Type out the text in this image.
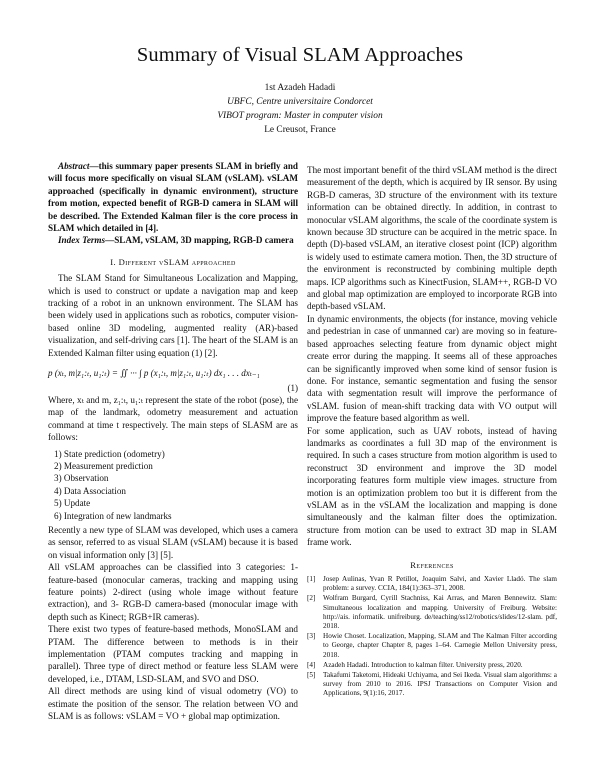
Summary of Visual SLAM Approaches
1st Azadeh Hadadi
UBFC, Centre universitaire Condorcet
VIBOT program: Master in computer vision
Le Creusot, France

Abstract—this summary paper presents SLAM in briefly and will focus more specifically on visual SLAM (vSLAM). vSLAM approached (specifically in dynamic environment), structure from motion, expected benefit of RGB-D camera in SLAM will be described. The Extended Kalman filer is the core process in SLAM which detailed in [4].

Index Terms—SLAM, vSLAM, 3D mapping, RGB-D camera

I. Different vSLAM approached

The SLAM Stand for Simultaneous Localization and Mapping, which is used to construct or update a navigation map and keep tracking of a robot in an unknown environment. The SLAM has been widely used in applications such as robotics, computer vision-based online 3D modeling, augmented reality (AR)-based visualization, and self-driving cars [1]. The heart of the SLAM is an Extended Kalman filter using equation (1) [2].

p (xₜ, m|z₁:ₜ, u₁:ₜ) = ∬ ··· ∫ p (x₁:ₜ, m|z₁:ₜ, u₁:ₜ) dx₁ . . . dxₜ₋₁
(1)

Where, xₜ and m, z₁:ₜ, u₁:ₜ represent the state of the robot (pose), the map of the landmark, odometry measurement and actuation command at time t respectively. The main steps of SLASM are as follows:

1) State prediction (odometry)
2) Measurement prediction
3) Observation
4) Data Association
5) Update
6) Integration of new landmarks

Recently a new type of SLAM was developed, which uses a camera as sensor, referred to as visual SLAM (vSLAM) because it is based on visual information only [3] [5].

All vSLAM approaches can be classified into 3 categories: 1- feature-based (monocular cameras, tracking and mapping using feature points) 2-direct (using whole image without feature extraction), and 3- RGB-D camera-based (monocular image with depth such as Kinect; RGB+IR cameras).

There exist two types of feature-based methods, MonoSLAM and PTAM. The difference between to methods is in their implementation (PTAM computes tracking and mapping in parallel). Three type of direct method or feature less SLAM were developed, i.e., DTAM, LSD-SLAM, and SVO and DSO.

All direct methods are using kind of visual odometry (VO) to estimate the position of the sensor. The relation between VO and SLAM is as follows: vSLAM = VO + global map optimization.

The most important benefit of the third vSLAM method is the direct measurement of the depth, which is acquired by IR sensor. By using RGB-D cameras, 3D structure of the environment with its texture information can be obtained directly. In addition, in contrast to monocular vSLAM algorithms, the scale of the coordinate system is known because 3D structure can be acquired in the metric space. In depth (D)-based vSLAM, an iterative closest point (ICP) algorithm is widely used to estimate camera motion. Then, the 3D structure of the environment is reconstructed by combining multiple depth maps. ICP algorithms such as KinectFusion, SLAM++, RGB-D VO and global map optimization are employed to incorporate RGB into depth-based vSLAM.

In dynamic environments, the objects (for instance, moving vehicle and pedestrian in case of unmanned car) are moving so in feature-based approaches selecting feature from dynamic object might create error during the mapping. It seems all of these approaches can be significantly improved when some kind of sensor fusion is done. For instance, semantic segmentation and fusing the sensor data with segmentation result will improve the performance of vSLAM. fusion of mean-shift tracking data with VO output will improve the feature based algorithm as well.

For some application, such as UAV robots, instead of having landmarks as coordinates a full 3D map of the environment is required. In such a cases structure from motion algorithm is used to reconstruct 3D environment and improve the 3D model incorporating features form multiple view images. structure from motion is an optimization problem too but it is different from the vSLAM as in the vSLAM the localization and mapping is done simultaneously and the kalman filter does the optimization. structure from motion can be used to extract 3D map in SLAM frame work.

References
[1]	Josep Aulinas, Yvan R Petillot, Joaquim Salvi, and Xavier Lladó. The slam problem: a survey. CCIA, 184(1):363–371, 2008.
[2]	Wolfram Burgard, Cyrill Stachniss, Kai Arras, and Maren Bennewitz. Slam: Simultaneous localization and mapping. University of Freiburg. Website: http://ais. informatik. unifreiburg. de/teaching/ss12/robotics/slides/12-slam. pdf, 2018.
[3]	Howie Choset. Localization, Mapping, SLAM and The Kalman Filter according to George, chapter Chapter 8, pages 1–64. Carnegie Mellon University press, 2018.
[4]	Azadeh Hadadi. Introduction to kalman filter. University press, 2020.
[5]	Takafumi Taketomi, Hideaki Uchiyama, and Sei Ikeda. Visual slam algorithms: a survey from 2010 to 2016. IPSJ Transactions on Computer Vision and Applications, 9(1):16, 2017.
